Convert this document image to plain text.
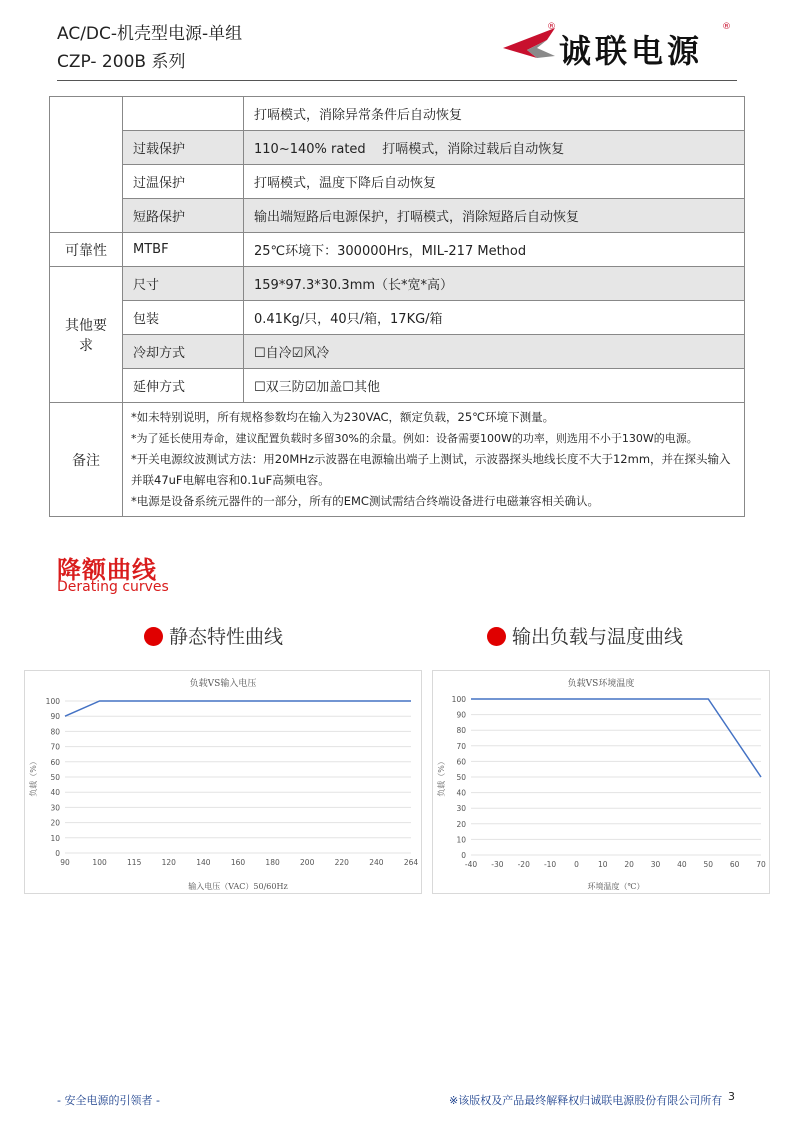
AC/DC-机壳型电源-单组
CZP- 200B 系列
®
诚联电源
®
		打嗝模式，消除异常条件后自动恢复
	过载保护	110~140% rated    打嗝模式，消除过载后自动恢复
	过温保护	打嗝模式，温度下降后自动恢复
	短路保护	输出端短路后电源保护，打嗝模式，消除短路后自动恢复
可靠性	MTBF	25℃环境下：300000Hrs，MIL-217 Method
其他要求	尺寸	159*97.3*30.3mm（长*宽*高）
	包装	0.41Kg/只，40只/箱，17KG/箱
	冷却方式	☐自冷☑风冷
	延伸方式	☐双三防☑加盖☐其他
备注	*如未特别说明，所有规格参数均在输入为230VAC，额定负载，25℃环境下测量。
*为了延长使用寿命，建议配置负载时多留30%的余量。例如：设备需要100W的功率，则选用不小于130W的电源。
*开关电源纹波测试方法：用20MHz示波器在电源输出端子上测试，示波器探头地线长度不大于12mm，并在探头输入并联47uF电解电容和0.1uF高频电容。
*电源是设备系统元器件的一部分，所有的EMC测试需结合终端设备进行电磁兼容相关确认。	
降额曲线
Derating curves
静态特性曲线	输出负载与温度曲线
负载VS输入电压
0
10
20
30
40
50
60
70
80
90
100
90	100	115	120	140	160	180	200	220	240	264
输入电压（VAC）50/60Hz
负载（%）
负载VS环境温度
0
10
20
30
40
50
60
70
80
90
100
-40 -30 -20 -10 0	10 20 30 40 50 60 70
环境温度（℃）
负载（%）
- 安全电源的引领者 -	※该版权及产品最终解释权归诚联电源股份有限公司所有 3
